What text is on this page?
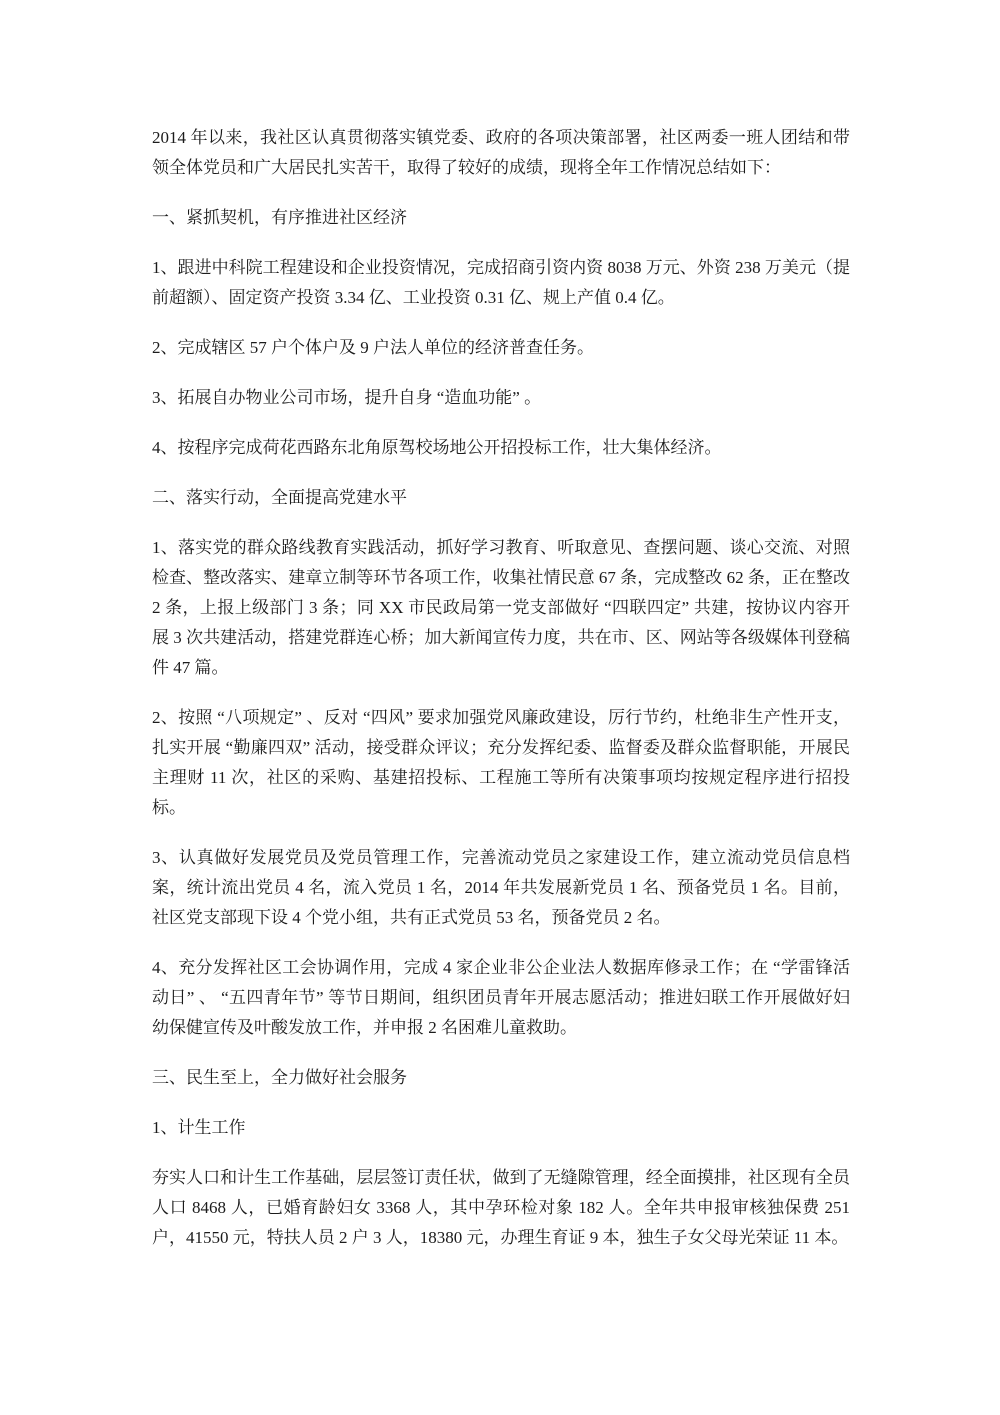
2014 年以来，我社区认真贯彻落实镇党委、政府的各项决策部署，社区两委一班人团结和带领全体党员和广大居民扎实苦干，取得了较好的成绩，现将全年工作情况总结如下：

一、紧抓契机，有序推进社区经济

1、跟进中科院工程建设和企业投资情况，完成招商引资内资 8038 万元、外资 238 万美元（提前超额）、固定资产投资 3.34 亿、工业投资 0.31 亿、规上产值 0.4 亿。

2、完成辖区 57 户个体户及 9 户法人单位的经济普查任务。

3、拓展自办物业公司市场，提升自身 “造血功能” 。

4、按程序完成荷花西路东北角原驾校场地公开招投标工作，壮大集体经济。

二、落实行动，全面提高党建水平

1、落实党的群众路线教育实践活动，抓好学习教育、听取意见、查摆问题、谈心交流、对照检查、整改落实、建章立制等环节各项工作，收集社情民意 67 条，完成整改 62 条，正在整改 2 条，上报上级部门 3 条；同 XX 市民政局第一党支部做好 “四联四定” 共建，按协议内容开展 3 次共建活动，搭建党群连心桥；加大新闻宣传力度，共在市、区、网站等各级媒体刊登稿件 47 篇。

2、按照 “八项规定” 、反对 “四风” 要求加强党风廉政建设，厉行节约，杜绝非生产性开支，扎实开展 “勤廉四双” 活动，接受群众评议；充分发挥纪委、监督委及群众监督职能，开展民主理财 11 次，社区的采购、基建招投标、工程施工等所有决策事项均按规定程序进行招投标。

3、认真做好发展党员及党员管理工作，完善流动党员之家建设工作，建立流动党员信息档案，统计流出党员 4 名，流入党员 1 名，2014 年共发展新党员 1 名、预备党员 1 名。目前，社区党支部现下设 4 个党小组，共有正式党员 53 名，预备党员 2 名。

4、充分发挥社区工会协调作用，完成 4 家企业非公企业法人数据库修录工作；在 “学雷锋活动日” 、 “五四青年节” 等节日期间，组织团员青年开展志愿活动；推进妇联工作开展做好妇幼保健宣传及叶酸发放工作，并申报 2 名困难儿童救助。

三、民生至上，全力做好社会服务

1、计生工作

夯实人口和计生工作基础，层层签订责任状，做到了无缝隙管理，经全面摸排，社区现有全员人口 8468 人，已婚育龄妇女 3368 人，其中孕环检对象 182 人。全年共申报审核独保费 251 户，41550 元，特扶人员 2 户 3 人，18380 元，办理生育证 9 本，独生子女父母光荣证 11 本。
